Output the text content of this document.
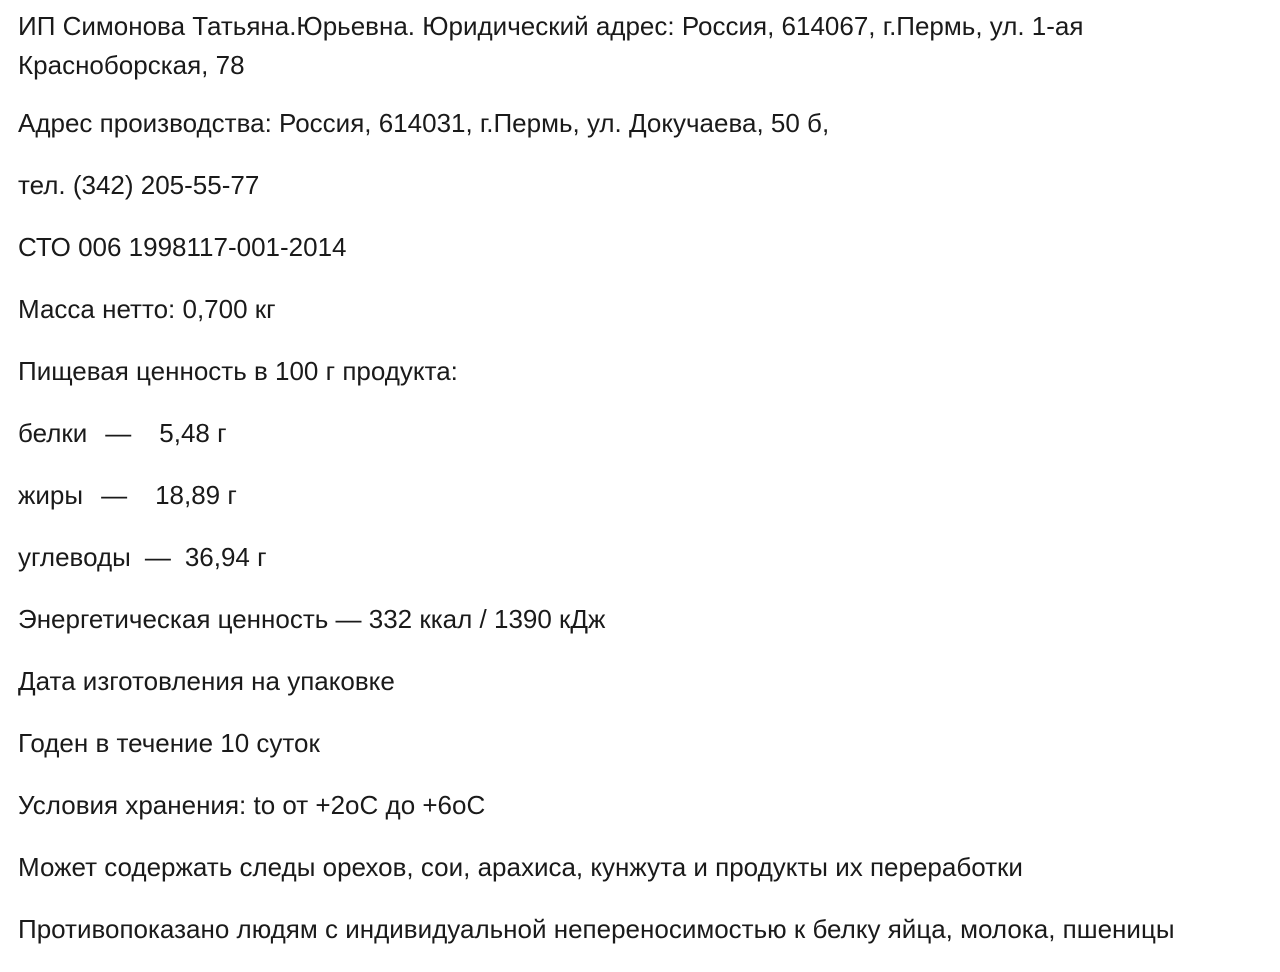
ИП Симонова Татьяна.Юрьевна. Юридический адрес: Россия, 614067, г.Пермь, ул. 1-ая Красноборская, 78

Адрес производства: Россия, 614031, г.Пермь, ул. Докучаева, 50 б,

тел. (342) 205-55-77

СТО 006 1998117-001-2014

Масса нетто: 0,700 кг

Пищевая ценность в 100 г продукта:

белки — 5,48 г

жиры — 18,89 г

углеводы — 36,94 г

Энергетическая ценность — 332 ккал / 1390 кДж

Дата изготовления на упаковке

Годен в течение 10 суток

Условия хранения: to от +2oC до +6oC

Может содержать следы орехов, сои, арахиса, кунжута и продукты их переработки

Противопоказано людям с индивидуальной непереносимостью к белку яйца, молока, пшеницы
